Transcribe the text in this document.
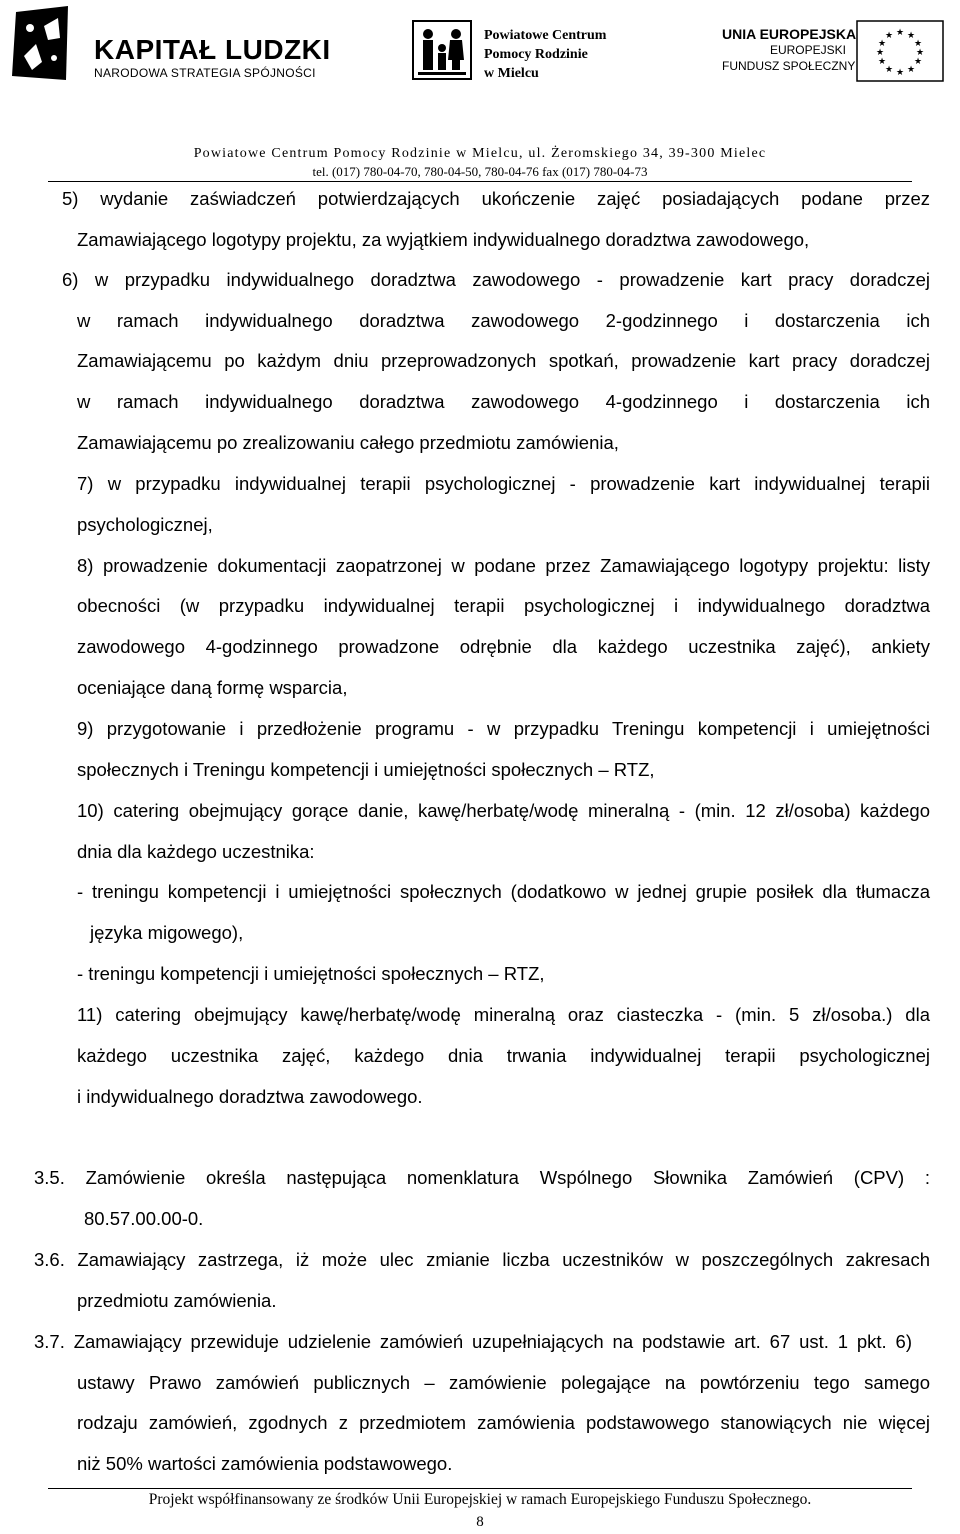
KAPITAŁ LUDZKI
NARODOWA STRATEGIA SPÓJNOŚCI
Powiatowe Centrum
Pomocy Rodzinie
w Mielcu
UNIA EUROPEJSKA
EUROPEJSKI
FUNDUSZ SPOŁECZNY
★ ★
★
★
★
★
★
★
★
★
★
★
Powiatowe Centrum Pomocy Rodzinie w Mielcu, ul. Żeromskiego 34, 39-300 Mielec
tel. (017) 780-04-70, 780-04-50, 780-04-76 fax (017) 780-04-73
5) wydanie zaświadczeń potwierdzających ukończenie zajęć posiadających podane przez
Zamawiającego logotypy projektu, za wyjątkiem indywidualnego doradztwa zawodowego,
6) w przypadku indywidualnego doradztwa zawodowego - prowadzenie kart pracy doradczej
w ramach indywidualnego doradztwa zawodowego 2-godzinnego i dostarczenia ich
Zamawiającemu po każdym dniu przeprowadzonych spotkań, prowadzenie kart pracy doradczej
w ramach indywidualnego doradztwa zawodowego 4-godzinnego i dostarczenia ich
Zamawiającemu po zrealizowaniu całego przedmiotu zamówienia,
7) w przypadku indywidualnej terapii psychologicznej - prowadzenie kart indywidualnej terapii
psychologicznej,
8) prowadzenie dokumentacji zaopatrzonej w podane przez Zamawiającego logotypy projektu: listy
obecności (w przypadku indywidualnej terapii psychologicznej i indywidualnego doradztwa
zawodowego 4-godzinnego prowadzone odrębnie dla każdego uczestnika zajęć), ankiety
oceniające daną formę wsparcia,
9) przygotowanie i przedłożenie programu - w przypadku Treningu kompetencji i umiejętności
społecznych i Treningu kompetencji i umiejętności społecznych – RTZ,
10) catering obejmujący gorące danie, kawę/herbatę/wodę mineralną - (min. 12 zł/osoba) każdego
dnia dla każdego uczestnika:
- treningu kompetencji i umiejętności społecznych (dodatkowo w jednej grupie posiłek dla tłumacza
języka migowego),
- treningu kompetencji i umiejętności społecznych – RTZ,
11) catering obejmujący kawę/herbatę/wodę mineralną oraz ciasteczka - (min. 5 zł/osoba.) dla
każdego uczestnika zajęć, każdego dnia trwania indywidualnej terapii psychologicznej
i indywidualnego doradztwa zawodowego.
3.5. Zamówienie określa następująca nomenklatura Wspólnego Słownika Zamówień (CPV) :
80.57.00.00-0.
3.6. Zamawiający zastrzega, iż może ulec zmianie liczba uczestników w poszczególnych zakresach
przedmiotu zamówienia.
3.7. Zamawiający przewiduje udzielenie zamówień uzupełniających na podstawie art. 67 ust. 1 pkt. 6)
ustawy Prawo zamówień publicznych – zamówienie polegające na powtórzeniu tego samego
rodzaju zamówień, zgodnych z przedmiotem zamówienia podstawowego stanowiących nie więcej
niż 50% wartości zamówienia podstawowego.
Projekt współfinansowany ze środków Unii Europejskiej w ramach Europejskiego Funduszu Społecznego.
8
